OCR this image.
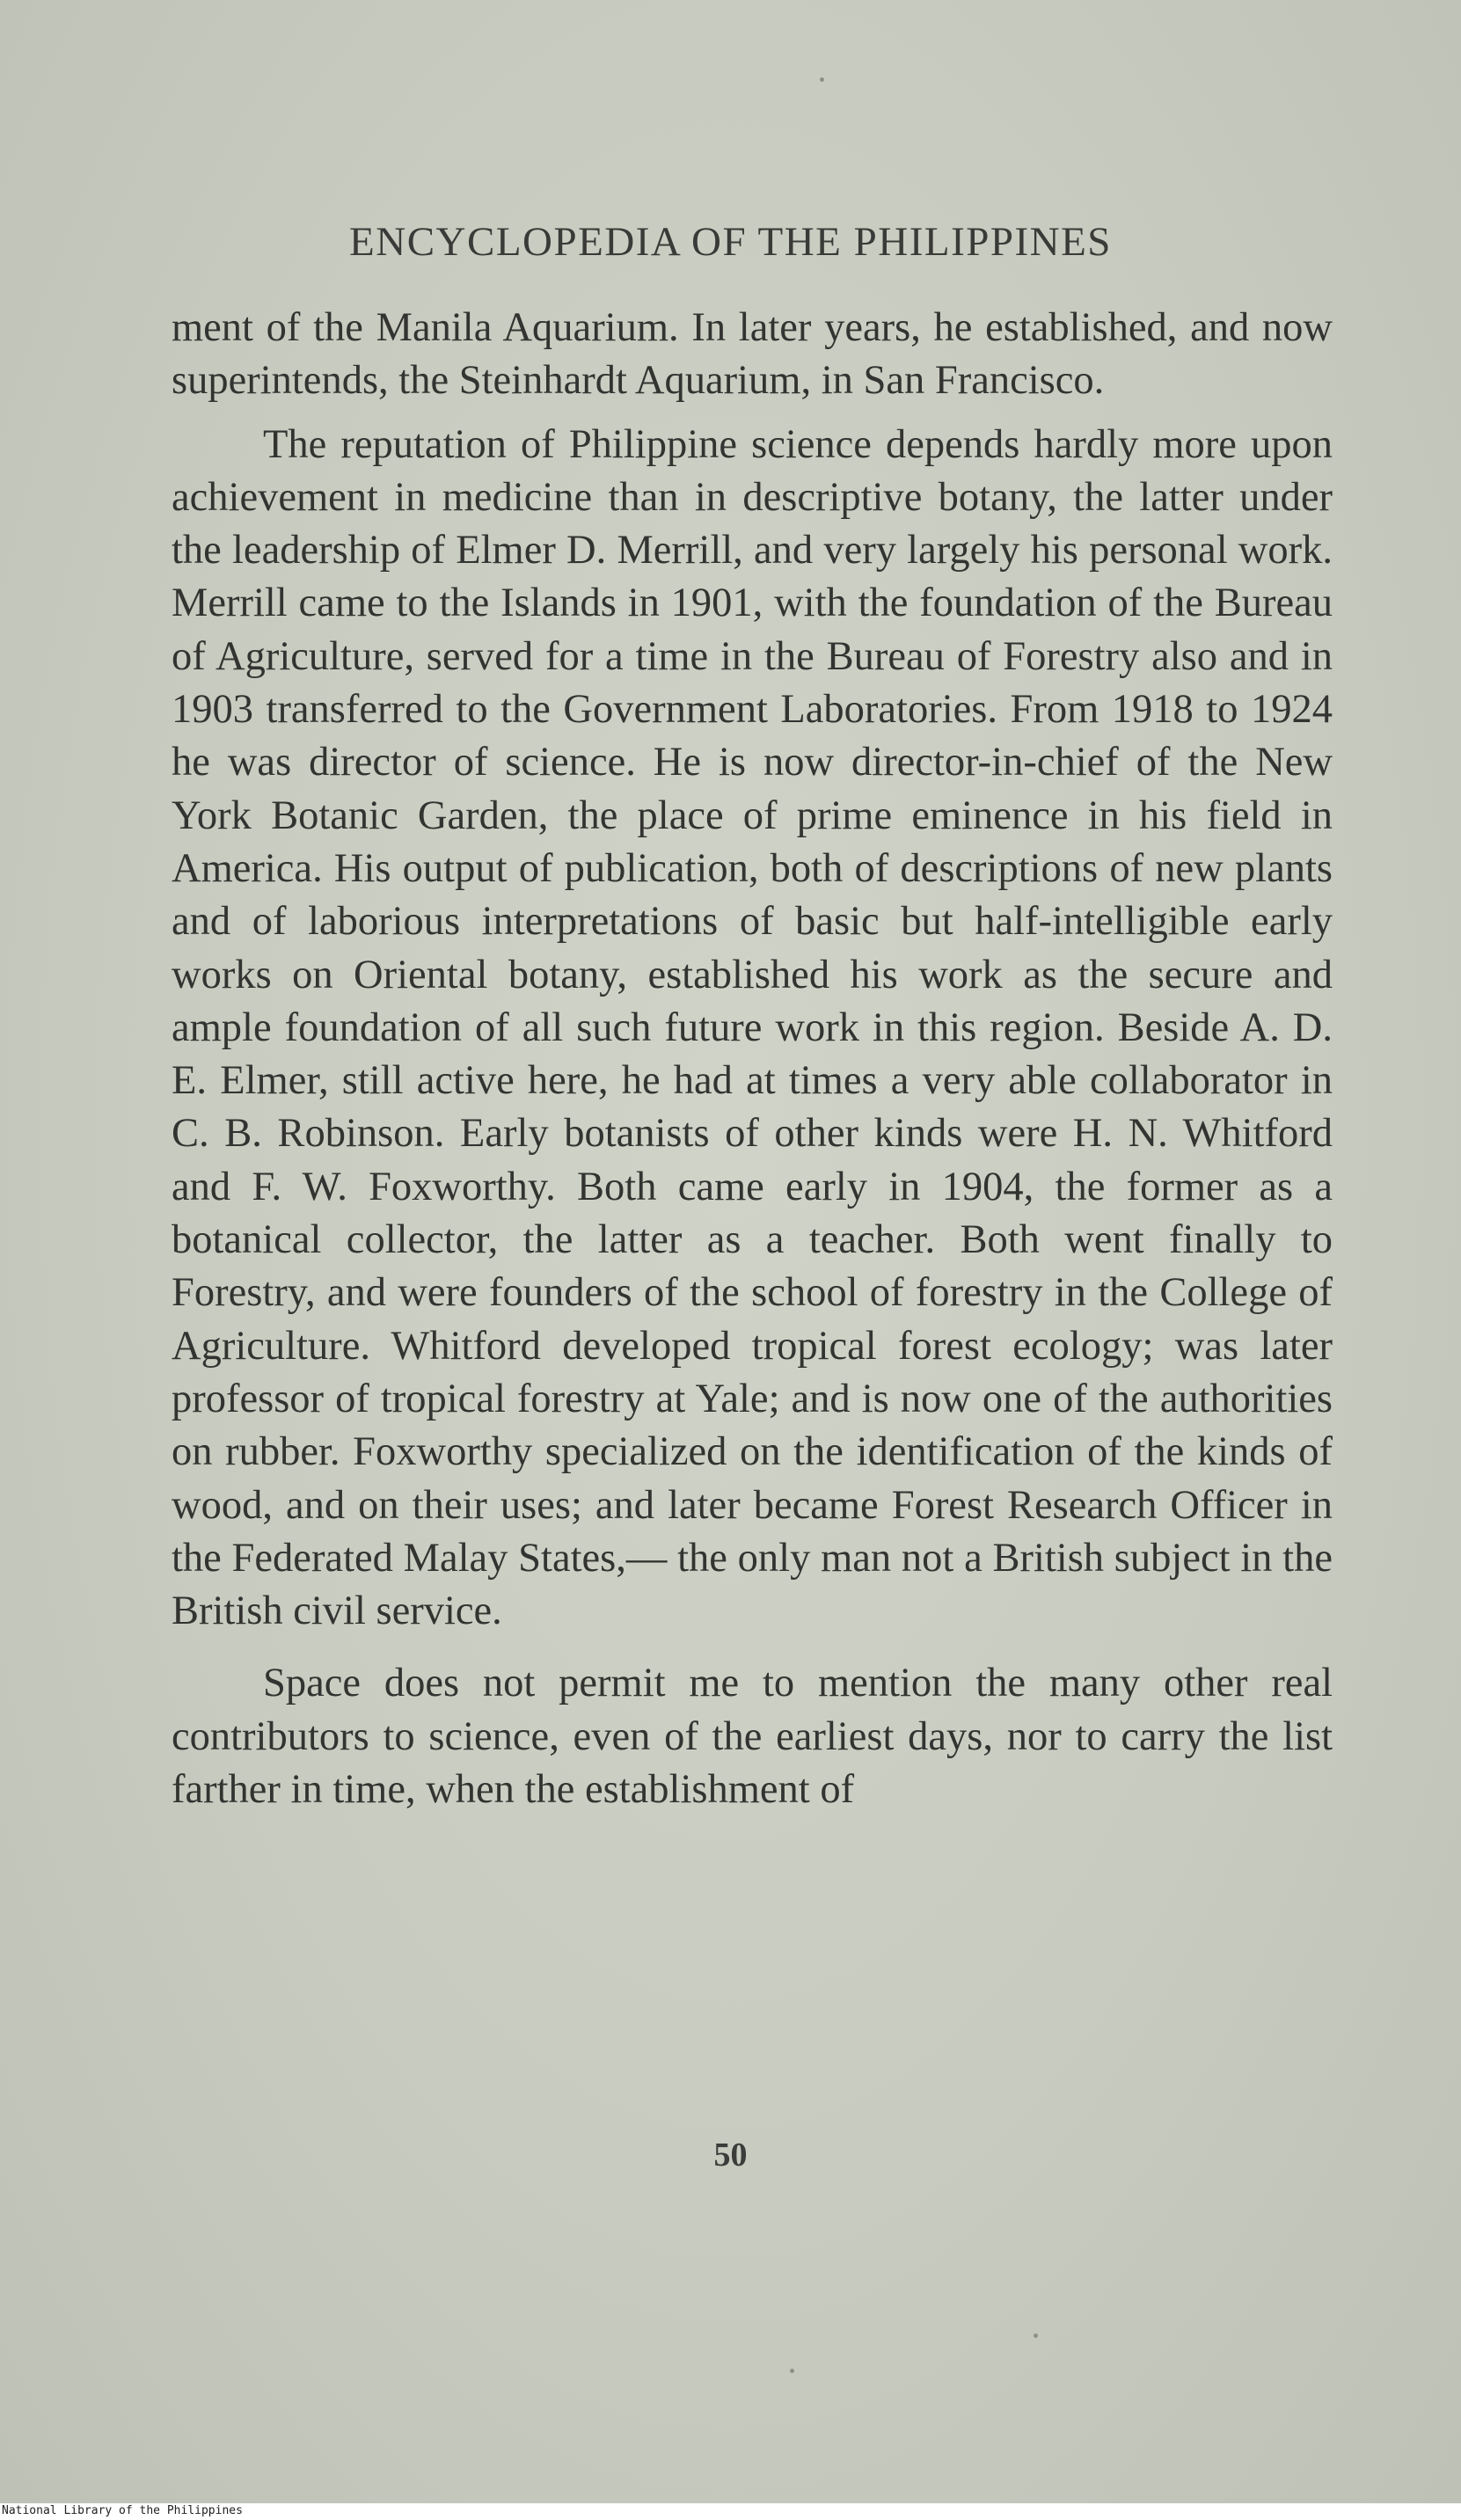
ENCYCLOPEDIA OF THE PHILIPPINES

ment of the Manila Aquarium. In later years, he established, and now superintends, the Steinhardt Aquarium, in San Francisco.

The reputation of Philippine science depends hardly more upon achievement in medicine than in descriptive botany, the latter under the leadership of Elmer D. Merrill, and very largely his personal work. Merrill came to the Islands in 1901, with the foundation of the Bureau of Agriculture, served for a time in the Bureau of Forestry also and in 1903 transferred to the Government Laboratories. From 1918 to 1924 he was director of science. He is now director-in-chief of the New York Botanic Garden, the place of prime eminence in his field in America. His output of publication, both of descriptions of new plants and of laborious interpretations of basic but half-intelligible early works on Oriental botany, established his work as the secure and ample foundation of all such future work in this region. Beside A. D. E. Elmer, still active here, he had at times a very able collaborator in C. B. Robinson. Early botanists of other kinds were H. N. Whitford and F. W. Foxworthy. Both came early in 1904, the former as a botanical collector, the latter as a teacher. Both went finally to Forestry, and were founders of the school of forestry in the College of Agriculture. Whitford developed tropical forest ecology; was later professor of tropical forestry at Yale; and is now one of the authorities on rubber. Foxworthy specialized on the identification of the kinds of wood, and on their uses; and later became Forest Research Officer in the Federated Malay States,— the only man not a British subject in the British civil service.

Space does not permit me to mention the many other real contributors to science, even of the earliest days, nor to carry the list farther in time, when the establishment of

50
National Library of the Philippines
